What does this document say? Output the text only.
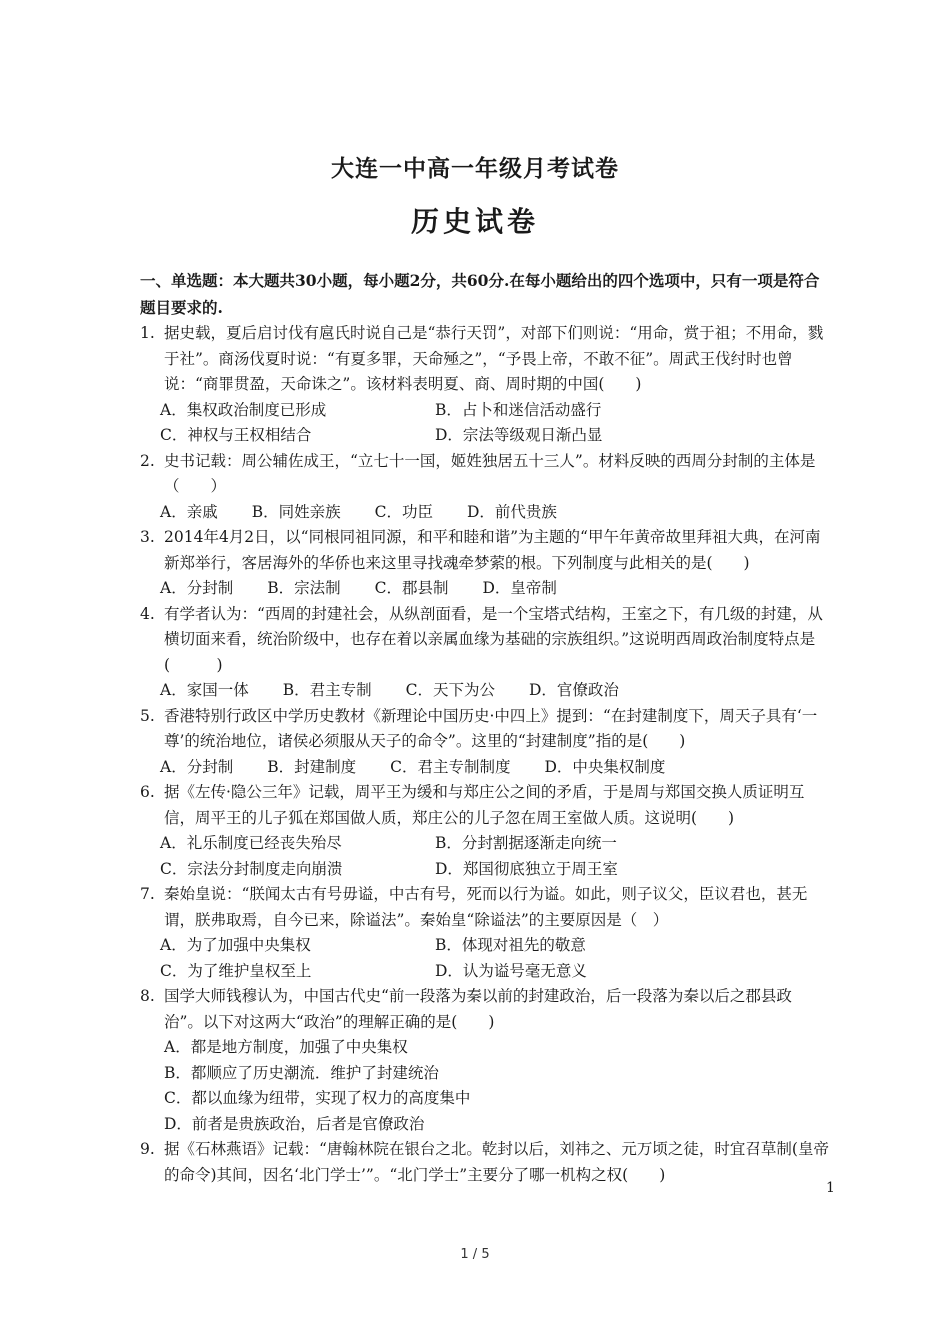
大连一中高一年级月考试卷
历史试卷

一、单选题：本大题共30小题，每小题2分，共60分.在每小题给出的四个选项中，只有一项是符合题目要求的.

1. 据史载，夏后启讨伐有扈氏时说自己是“恭行天罚”，对部下们则说：“用命，赏于祖；不用命，戮于社”。商汤伐夏时说：“有夏多罪，天命殛之”，“予畏上帝，不敢不征”。周武王伐纣时也曾说：“商罪贯盈，天命诛之”。该材料表明夏、商、周时期的中国(　　)
A．集权政治制度已形成	B．占卜和迷信活动盛行
C．神权与王权相结合	D．宗法等级观日渐凸显
2. 史书记载：周公辅佐成王，“立七十一国，姬姓独居五十三人”。材料反映的西周分封制的主体是（　　）
A．亲戚 B．同姓亲族 C．功臣 D．前代贵族
3. 2014年4月2日，以“同根同祖同源，和平和睦和谐”为主题的“甲午年黄帝故里拜祖大典，在河南新郑举行，客居海外的华侨也来这里寻找魂牵梦萦的根。下列制度与此相关的是(　　)
A．分封制 B．宗法制 C．郡县制 D．皇帝制
4. 有学者认为：“西周的封建社会，从纵剖面看，是一个宝塔式结构，王室之下，有几级的封建，从横切面来看，统治阶级中，也存在着以亲属血缘为基础的宗族组织。”这说明西周政治制度特点是(　　　)
A．家国一体 B．君主专制 C．天下为公 D．官僚政治
5. 香港特别行政区中学历史教材《新理论中国历史·中四上》提到：“在封建制度下，周天子具有‘一尊’的统治地位，诸侯必须服从天子的命令”。这里的“封建制度”指的是(　　)
A．分封制 B．封建制度 C．君主专制制度 D．中央集权制度
6. 据《左传·隐公三年》记载，周平王为缓和与郑庄公之间的矛盾，于是周与郑国交换人质证明互信，周平王的儿子狐在郑国做人质，郑庄公的儿子忽在周王室做人质。这说明(　　)
A．礼乐制度已经丧失殆尽	B．分封割据逐渐走向统一
C．宗法分封制度走向崩溃	D．郑国彻底独立于周王室
7. 秦始皇说：“朕闻太古有号毋谥，中古有号，死而以行为谥。如此，则子议父，臣议君也，甚无谓，朕弗取焉，自今已来，除谥法”。秦始皇“除谥法”的主要原因是（　）
A．为了加强中央集权	B．体现对祖先的敬意
C．为了维护皇权至上	D．认为谥号毫无意义
8. 国学大师钱穆认为，中国古代史“前一段落为秦以前的封建政治，后一段落为秦以后之郡县政治”。以下对这两大“政治”的理解正确的是(　　)
A．都是地方制度，加强了中央集权
B．都顺应了历史潮流．维护了封建统治
C．都以血缘为纽带，实现了权力的高度集中
D．前者是贵族政治，后者是官僚政治
9. 据《石林燕语》记载：“唐翰林院在银台之北。乾封以后，刘祎之、元万顷之徒，时宜召草制(皇帝的命令)其间，因名‘北门学士’”。“北门学士”主要分了哪一机构之权(　　)
1
1 / 5
